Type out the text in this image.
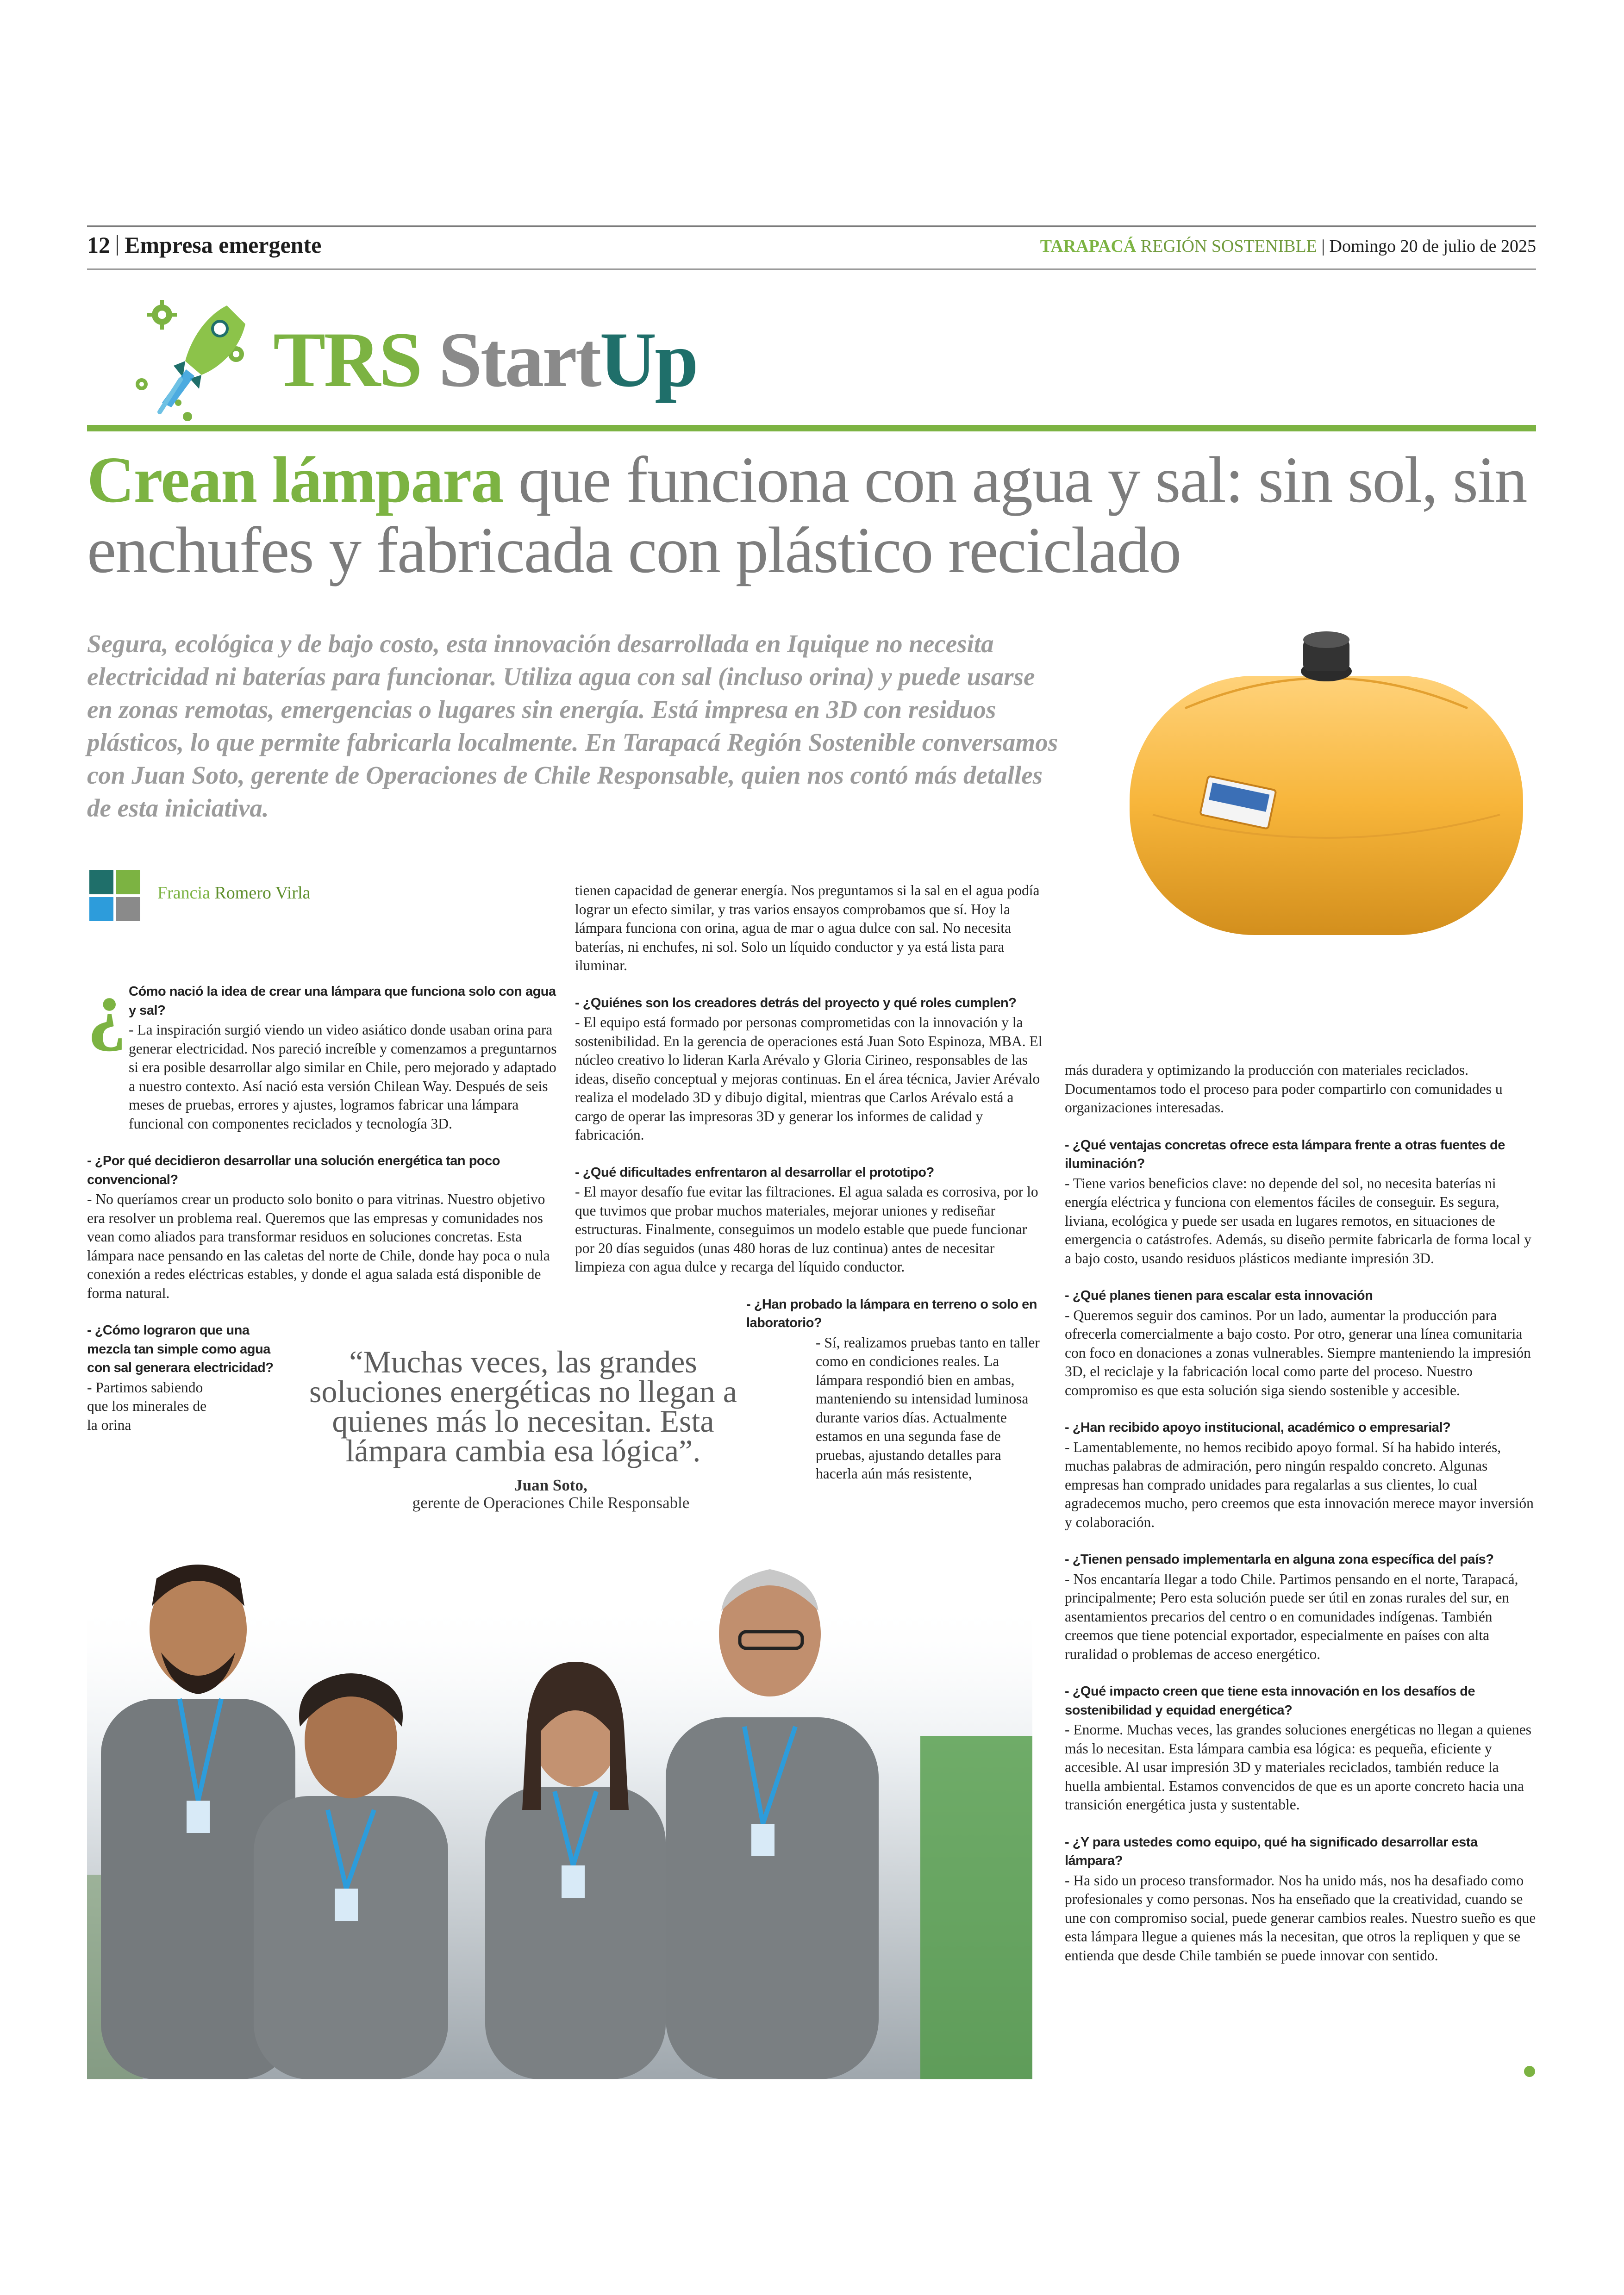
12 Empresa emergente	TARAPACÁ REGIÓN SOSTENIBLE | Domingo 20 de julio de 2025
TRS StartUp
Crean lámpara que funciona con agua y sal: sin sol, sin enchufes y fabricada con plástico reciclado
Segura, ecológica y de bajo costo, esta innovación desarrollada en Iquique no necesita electricidad ni baterías para funcionar. Utiliza agua con sal (incluso orina) y puede usarse en zonas remotas, emergencias o lugares sin energía. Está impresa en 3D con residuos plásticos, lo que permite fabricarla localmente. En Tarapacá Región Sostenible conversamos con Juan Soto, gerente de Operaciones de Chile Responsable, quien nos contó más detalles de esta iniciativa.
Francia Romero Virla
¿ Cómo nació la idea de crear una lámpara que funciona solo con agua y sal?

- La inspiración surgió viendo un video asiático donde usaban orina para generar electricidad. Nos pareció increíble y comenzamos a preguntarnos si era posible desarrollar algo similar en Chile, pero mejorado y adaptado a nuestro contexto. Así nació esta versión Chilean Way. Después de seis meses de pruebas, errores y ajustes, logramos fabricar una lámpara funcional con componentes reciclados y tecnología 3D.

- ¿Por qué decidieron desarrollar una solución energética tan poco convencional?

- No queríamos crear un producto solo bonito o para vitrinas. Nuestro objetivo era resolver un problema real. Queremos que las empresas y comunidades nos vean como aliados para transformar residuos en soluciones concretas. Esta lámpara nace pensando en las caletas del norte de Chile, donde hay poca o nula conexión a redes eléctricas estables, y donde el agua salada está disponible de forma natural.

- ¿Cómo lograron que una mezcla tan simple como agua con sal generara electricidad?

- Partimos sabiendo que los minerales de la orina

tienen capacidad de generar energía. Nos preguntamos si la sal en el agua podía lograr un efecto similar, y tras varios ensayos comprobamos que sí. Hoy la lámpara funciona con orina, agua de mar o agua dulce con sal. No necesita baterías, ni enchufes, ni sol. Solo un líquido conductor y ya está lista para iluminar.

- ¿Quiénes son los creadores detrás del proyecto y qué roles cumplen?

- El equipo está formado por personas comprometidas con la innovación y la sostenibilidad. En la gerencia de operaciones está Juan Soto Espinoza, MBA. El núcleo creativo lo lideran Karla Arévalo y Gloria Cirineo, responsables de las ideas, diseño conceptual y mejoras continuas. En el área técnica, Javier Arévalo realiza el modelado 3D y dibujo digital, mientras que Carlos Arévalo está a cargo de operar las impresoras 3D y generar los informes de calidad y fabricación.

- ¿Qué dificultades enfrentaron al desarrollar el prototipo?

- El mayor desafío fue evitar las filtraciones. El agua salada es corrosiva, por lo que tuvimos que probar muchos materiales, mejorar uniones y rediseñar estructuras. Finalmente, conseguimos un modelo estable que puede funcionar por 20 días seguidos (unas 480 horas de luz continua) antes de necesitar limpieza con agua dulce y recarga del líquido conductor.

- ¿Han probado la lámpara en terreno o solo en laboratorio?

- Sí, realizamos pruebas tanto en taller como en condiciones reales. La lámpara respondió bien en ambas, manteniendo su intensidad luminosa durante varios días. Actualmente estamos en una segunda fase de pruebas, ajustando detalles para hacerla aún más resistente,

más duradera y optimizando la producción con materiales reciclados. Documentamos todo el proceso para poder compartirlo con comunidades u organizaciones interesadas.

- ¿Qué ventajas concretas ofrece esta lámpara frente a otras fuentes de iluminación?

- Tiene varios beneficios clave: no depende del sol, no necesita baterías ni energía eléctrica y funciona con elementos fáciles de conseguir. Es segura, liviana, ecológica y puede ser usada en lugares remotos, en situaciones de emergencia o catástrofes. Además, su diseño permite fabricarla de forma local y a bajo costo, usando residuos plásticos mediante impresión 3D.

- ¿Qué planes tienen para escalar esta innovación

- Queremos seguir dos caminos. Por un lado, aumentar la producción para ofrecerla comercialmente a bajo costo. Por otro, generar una línea comunitaria con foco en donaciones a zonas vulnerables. Siempre manteniendo la impresión 3D, el reciclaje y la fabricación local como parte del proceso. Nuestro compromiso es que esta solución siga siendo sostenible y accesible.

- ¿Han recibido apoyo institucional, académico o empresarial?

- Lamentablemente, no hemos recibido apoyo formal. Sí ha habido interés, muchas palabras de admiración, pero ningún respaldo concreto. Algunas empresas han comprado unidades para regalarlas a sus clientes, lo cual agradecemos mucho, pero creemos que esta innovación merece mayor inversión y colaboración.

- ¿Tienen pensado implementarla en alguna zona específica del país?

- Nos encantaría llegar a todo Chile. Partimos pensando en el norte, Tarapacá, principalmente; Pero esta solución puede ser útil en zonas rurales del sur, en asentamientos precarios del centro o en comunidades indígenas. También creemos que tiene potencial exportador, especialmente en países con alta ruralidad o problemas de acceso energético.

- ¿Qué impacto creen que tiene esta innovación en los desafíos de sostenibilidad y equidad energética?

- Enorme. Muchas veces, las grandes soluciones energéticas no llegan a quienes más lo necesitan. Esta lámpara cambia esa lógica: es pequeña, eficiente y accesible. Al usar impresión 3D y materiales reciclados, también reduce la huella ambiental. Estamos convencidos de que es un aporte concreto hacia una transición energética justa y sustentable.

- ¿Y para ustedes como equipo, qué ha significado desarrollar esta lámpara?

- Ha sido un proceso transformador. Nos ha unido más, nos ha desafiado como profesionales y como personas. Nos ha enseñado que la creatividad, cuando se une con compromiso social, puede generar cambios reales. Nuestro sueño es que esta lámpara llegue a quienes más la necesitan, que otros la repliquen y que se entienda que desde Chile también se puede innovar con sentido.

“Muchas veces, las grandes soluciones energéticas no llegan a quienes más lo necesitan. Esta lámpara cambia esa lógica”.
Juan Soto,
gerente de Operaciones Chile Responsable
